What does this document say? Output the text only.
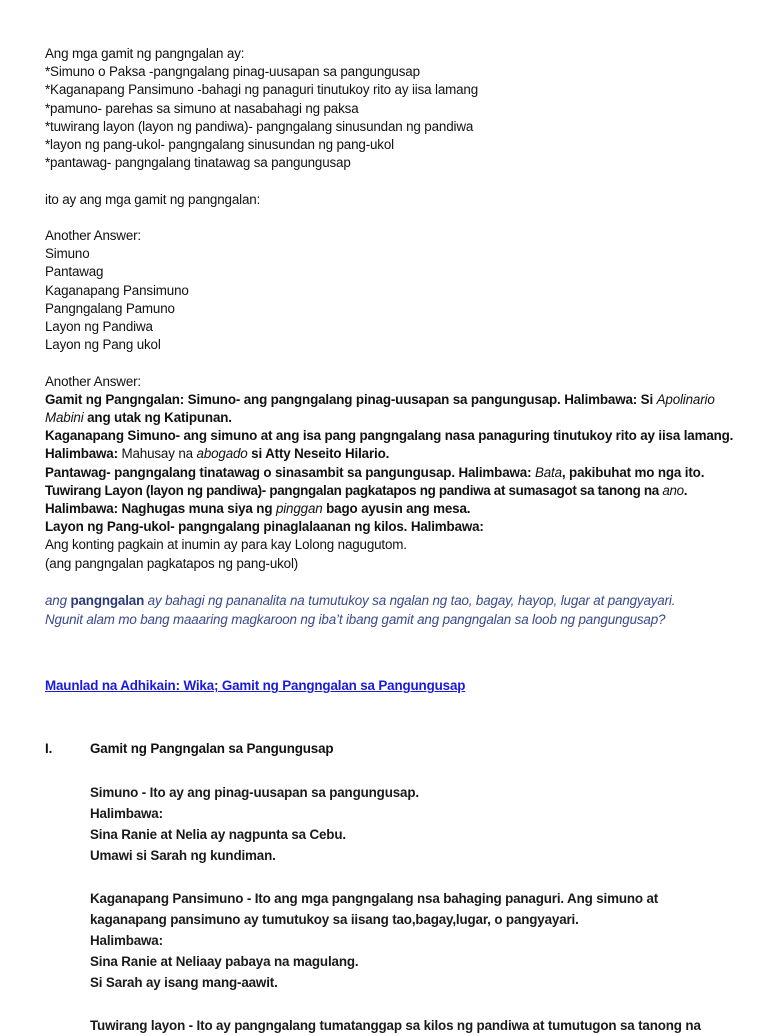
Ang mga gamit ng pangngalan ay:
*Simuno o Paksa -pangngalang pinag-uusapan sa pangungusap
*Kaganapang Pansimuno -bahagi ng panaguri tinutukoy rito ay iisa lamang
*pamuno- parehas sa simuno at nasabahagi ng paksa
*tuwirang layon (layon ng pandiwa)- pangngalang sinusundan ng pandiwa
*layon ng pang-ukol- pangngalang sinusundan ng pang-ukol
*pantawag- pangngalang tinatawag sa pangungusap
ito ay ang mga gamit ng pangngalan:
Another Answer:
Simuno
Pantawag
Kaganapang Pansimuno
Pangngalang Pamuno
Layon ng Pandiwa
Layon ng Pang ukol
Another Answer:
Gamit ng Pangngalan: Simuno- ang pangngalang pinag-uusapan sa pangungusap. Halimbawa: Si Apolinario Mabini ang utak ng Katipunan.
Kaganapang Simuno- ang simuno at ang isa pang pangngalang nasa panaguring tinutukoy rito ay iisa lamang. Halimbawa: Mahusay na abogado si Atty Neseito Hilario.
Pantawag- pangngalang tinatawag o sinasambit sa pangungusap. Halimbawa: Bata, pakibuhat mo nga ito.
Tuwirang Layon (layon ng pandiwa)- pangngalan pagkatapos ng pandiwa at sumasagot sa tanong na ano.
Halimbawa: Naghugas muna siya ng pinggan bago ayusin ang mesa.
Layon ng Pang-ukol- pangngalang pinaglalaanan ng kilos. Halimbawa:
Ang konting pagkain at inumin ay para kay Lolong nagugutom.
(ang pangngalan pagkatapos ng pang-ukol)
ang pangngalan ay bahagi ng pananalita na tumutukoy sa ngalan ng tao, bagay, hayop, lugar at pangyayari.
Ngunit alam mo bang maaaring magkaroon ng iba’t ibang gamit ang pangngalan sa loob ng pangungusap?
Maunlad na Adhikain: Wika; Gamit ng Pangngalan sa Pangungusap
I.	Gamit ng Pangngalan sa Pangungusap
Simuno - Ito ay ang pinag-uusapan sa pangungusap.
Halimbawa:
Sina Ranie at Nelia ay nagpunta sa Cebu.
Umawi si Sarah ng kundiman.
Kaganapang Pansimuno - Ito ang mga pangngalang nsa bahaging panaguri. Ang simuno at
kaganapang pansimuno ay tumutukoy sa iisang tao,bagay,lugar, o pangyayari.
Halimbawa:
Sina Ranie at Neliaay pabaya na magulang.
Si Sarah ay isang mang-aawit.
Tuwirang layon - Ito ay pangngalang tumatanggap sa kilos ng pandiwa at tumutugon sa tanong na
